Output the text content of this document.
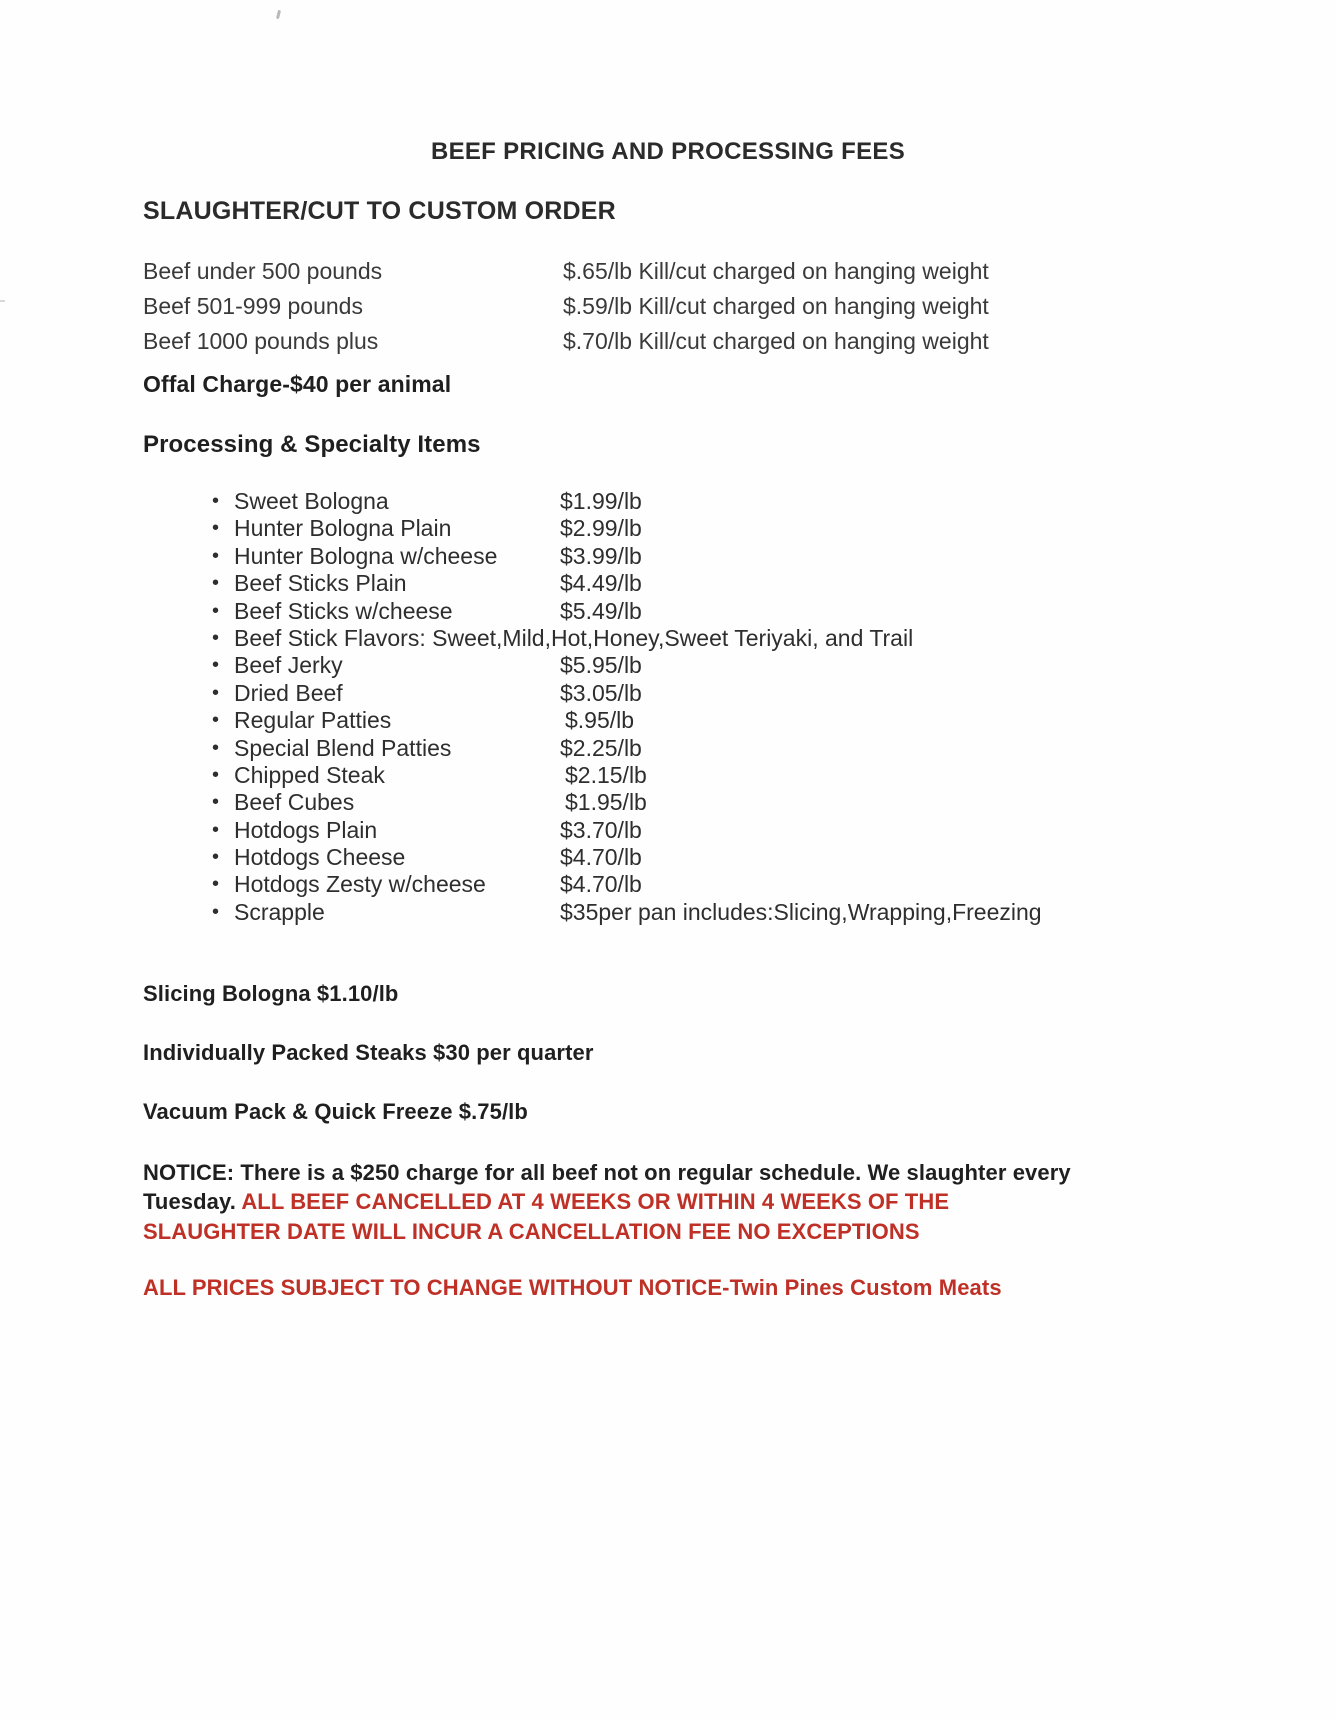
BEEF PRICING AND PROCESSING FEES
SLAUGHTER/CUT TO CUSTOM ORDER
Beef under 500 pounds	$.65/lb Kill/cut charged on hanging weight
Beef 501-999 pounds	$.59/lb Kill/cut charged on hanging weight
Beef 1000 pounds plus	$.70/lb Kill/cut charged on hanging weight
Offal Charge-$40 per animal
Processing & Specialty Items
• Sweet Bologna	$1.99/lb
• Hunter Bologna Plain	$2.99/lb
• Hunter Bologna w/cheese	$3.99/lb
• Beef Sticks Plain	$4.49/lb
• Beef Sticks w/cheese	$5.49/lb
• Beef Stick Flavors: Sweet,Mild,Hot,Honey,Sweet Teriyaki, and Trail
• Beef Jerky	$5.95/lb
• Dried Beef	$3.05/lb
• Regular Patties	$.95/lb
• Special Blend Patties	$2.25/lb
• Chipped Steak	$2.15/lb
• Beef Cubes	$1.95/lb
• Hotdogs Plain	$3.70/lb
• Hotdogs Cheese	$4.70/lb
• Hotdogs Zesty w/cheese	$4.70/lb
• Scrapple	$35per pan includes:Slicing,Wrapping,Freezing
Slicing Bologna $1.10/lb
Individually Packed Steaks $30 per quarter
Vacuum Pack & Quick Freeze $.75/lb
NOTICE: There is a $250 charge for all beef not on regular schedule. We slaughter every Tuesday. ALL BEEF CANCELLED AT 4 WEEKS OR WITHIN 4 WEEKS OF THE SLAUGHTER DATE WILL INCUR A CANCELLATION FEE NO EXCEPTIONS
ALL PRICES SUBJECT TO CHANGE WITHOUT NOTICE-Twin Pines Custom Meats
